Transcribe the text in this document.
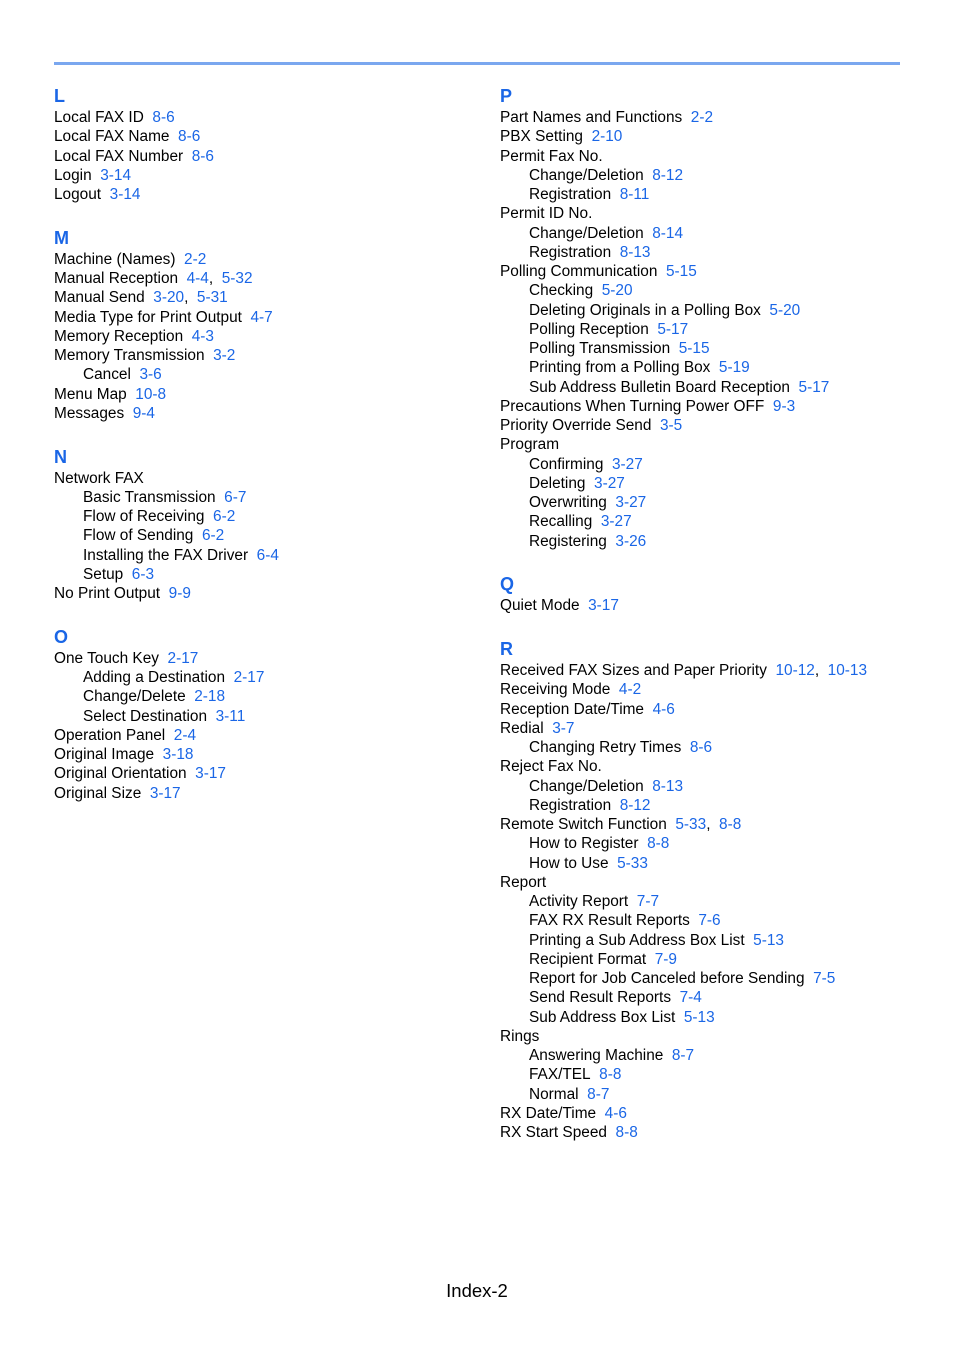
L
Local FAX ID 8-6
Local FAX Name 8-6
Local FAX Number 8-6
Login 3-14
Logout 3-14
M
Machine (Names) 2-2
Manual Reception 4-4,  5-32
Manual Send 3-20,  5-31
Media Type for Print Output 4-7
Memory Reception 4-3
Memory Transmission 3-2
Cancel 3-6
Menu Map 10-8
Messages 9-4
N
Network FAX
Basic Transmission 6-7
Flow of Receiving 6-2
Flow of Sending 6-2
Installing the FAX Driver 6-4
Setup 6-3
No Print Output 9-9
O
One Touch Key 2-17
Adding a Destination 2-17
Change/Delete 2-18
Select Destination 3-11
Operation Panel 2-4
Original Image 3-18
Original Orientation 3-17
Original Size 3-17
P
Part Names and Functions 2-2
PBX Setting 2-10
Permit Fax No.
Change/Deletion 8-12
Registration 8-11
Permit ID No.
Change/Deletion 8-14
Registration 8-13
Polling Communication 5-15
Checking 5-20
Deleting Originals in a Polling Box 5-20
Polling Reception 5-17
Polling Transmission 5-15
Printing from a Polling Box 5-19
Sub Address Bulletin Board Reception 5-17
Precautions When Turning Power OFF 9-3
Priority Override Send 3-5
Program
Confirming 3-27
Deleting 3-27
Overwriting 3-27
Recalling 3-27
Registering 3-26
Q
Quiet Mode 3-17
R
Received FAX Sizes and Paper Priority 10-12,  10-13
Receiving Mode 4-2
Reception Date/Time 4-6
Redial 3-7
Changing Retry Times 8-6
Reject Fax No.
Change/Deletion 8-13
Registration 8-12
Remote Switch Function 5-33,  8-8
How to Register 8-8
How to Use 5-33
Report
Activity Report 7-7
FAX RX Result Reports 7-6
Printing a Sub Address Box List 5-13
Recipient Format 7-9
Report for Job Canceled before Sending 7-5
Send Result Reports 7-4
Sub Address Box List 5-13
Rings
Answering Machine 8-7
FAX/TEL 8-8
Normal 8-7
RX Date/Time 4-6
RX Start Speed 8-8
Index-2
